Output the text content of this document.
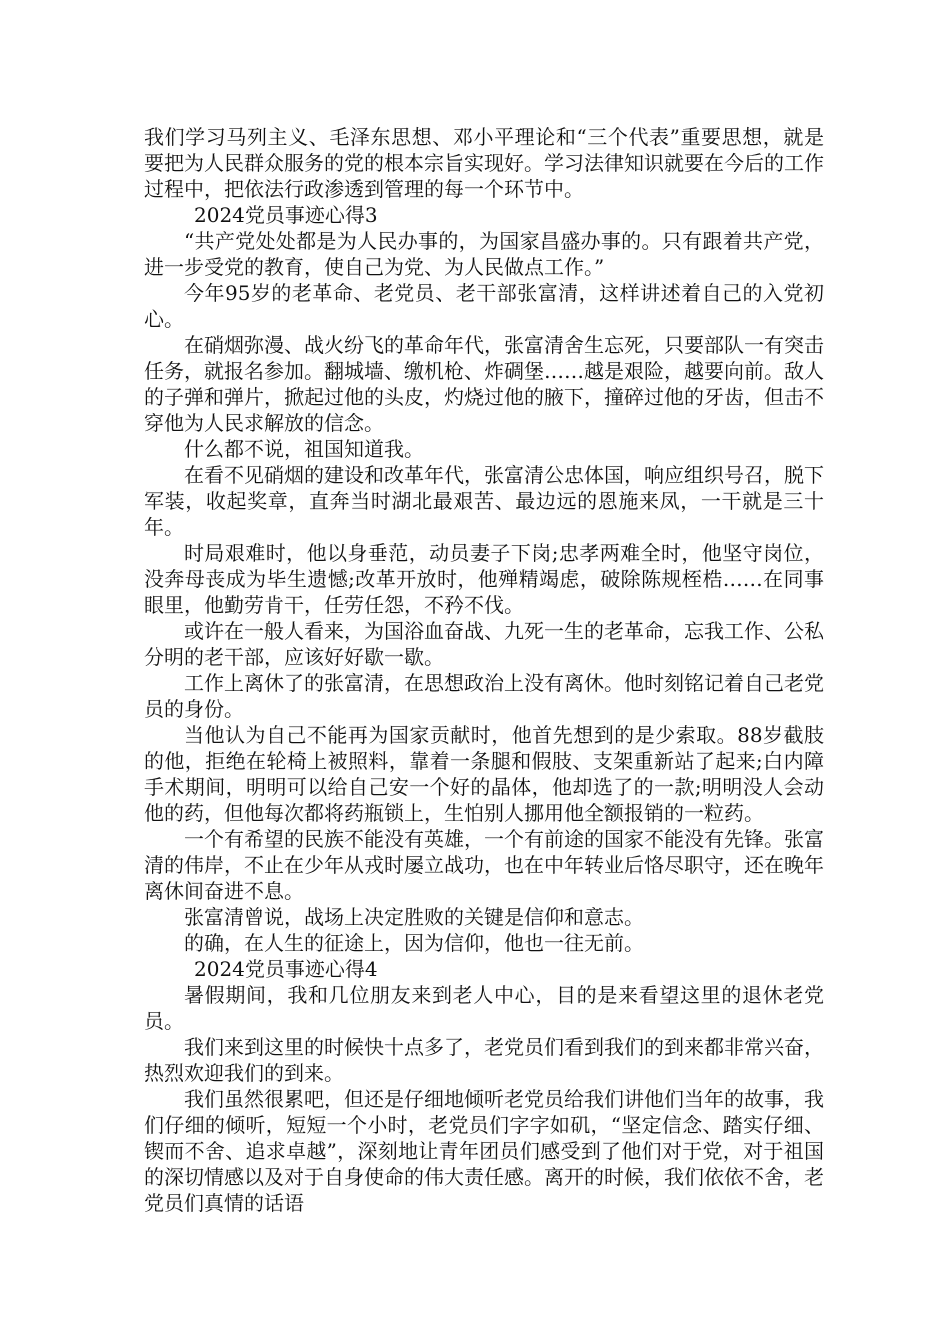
我们学习马列主义、毛泽东思想、邓小平理论和“三个代表”重要思想，就是要把为人民群众服务的党的根本宗旨实现好。学习法律知识就要在今后的工作过程中，把依法行政渗透到管理的每一个环节中。

2024党员事迹心得3

“共产党处处都是为人民办事的，为国家昌盛办事的。只有跟着共产党，进一步受党的教育，使自己为党、为人民做点工作。”

今年95岁的老革命、老党员、老干部张富清，这样讲述着自己的入党初心。

在硝烟弥漫、战火纷飞的革命年代，张富清舍生忘死，只要部队一有突击任务，就报名参加。翻城墙、缴机枪、炸碉堡……越是艰险，越要向前。敌人的子弹和弹片，掀起过他的头皮，灼烧过他的腋下，撞碎过他的牙齿，但击不穿他为人民求解放的信念。

什么都不说，祖国知道我。

在看不见硝烟的建设和改革年代，张富清公忠体国，响应组织号召，脱下军装，收起奖章，直奔当时湖北最艰苦、最边远的恩施来凤，一干就是三十年。

时局艰难时，他以身垂范，动员妻子下岗;忠孝两难全时，他坚守岗位，没奔母丧成为毕生遗憾;改革开放时，他殚精竭虑，破除陈规桎梏……在同事眼里，他勤劳肯干，任劳任怨，不矜不伐。

或许在一般人看来，为国浴血奋战、九死一生的老革命，忘我工作、公私分明的老干部，应该好好歇一歇。

工作上离休了的张富清，在思想政治上没有离休。他时刻铭记着自己老党员的身份。

当他认为自己不能再为国家贡献时，他首先想到的是少索取。88岁截肢的他，拒绝在轮椅上被照料，靠着一条腿和假肢、支架重新站了起来;白内障手术期间，明明可以给自己安一个好的晶体，他却选了的一款;明明没人会动他的药，但他每次都将药瓶锁上，生怕别人挪用他全额报销的一粒药。

一个有希望的民族不能没有英雄，一个有前途的国家不能没有先锋。张富清的伟岸，不止在少年从戎时屡立战功，也在中年转业后恪尽职守，还在晚年离休间奋进不息。

张富清曾说，战场上决定胜败的关键是信仰和意志。

的确，在人生的征途上，因为信仰，他也一往无前。

2024党员事迹心得4

暑假期间，我和几位朋友来到老人中心，目的是来看望这里的退休老党员。

我们来到这里的时候快十点多了，老党员们看到我们的到来都非常兴奋，热烈欢迎我们的到来。

我们虽然很累吧，但还是仔细地倾听老党员给我们讲他们当年的故事，我们仔细的倾听，短短一个小时，老党员们字字如矶，“坚定信念、踏实仔细、锲而不舍、追求卓越”，深刻地让青年团员们感受到了他们对于党，对于祖国的深切情感以及对于自身使命的伟大责任感。离开的时候，我们依依不舍，老党员们真情的话语
